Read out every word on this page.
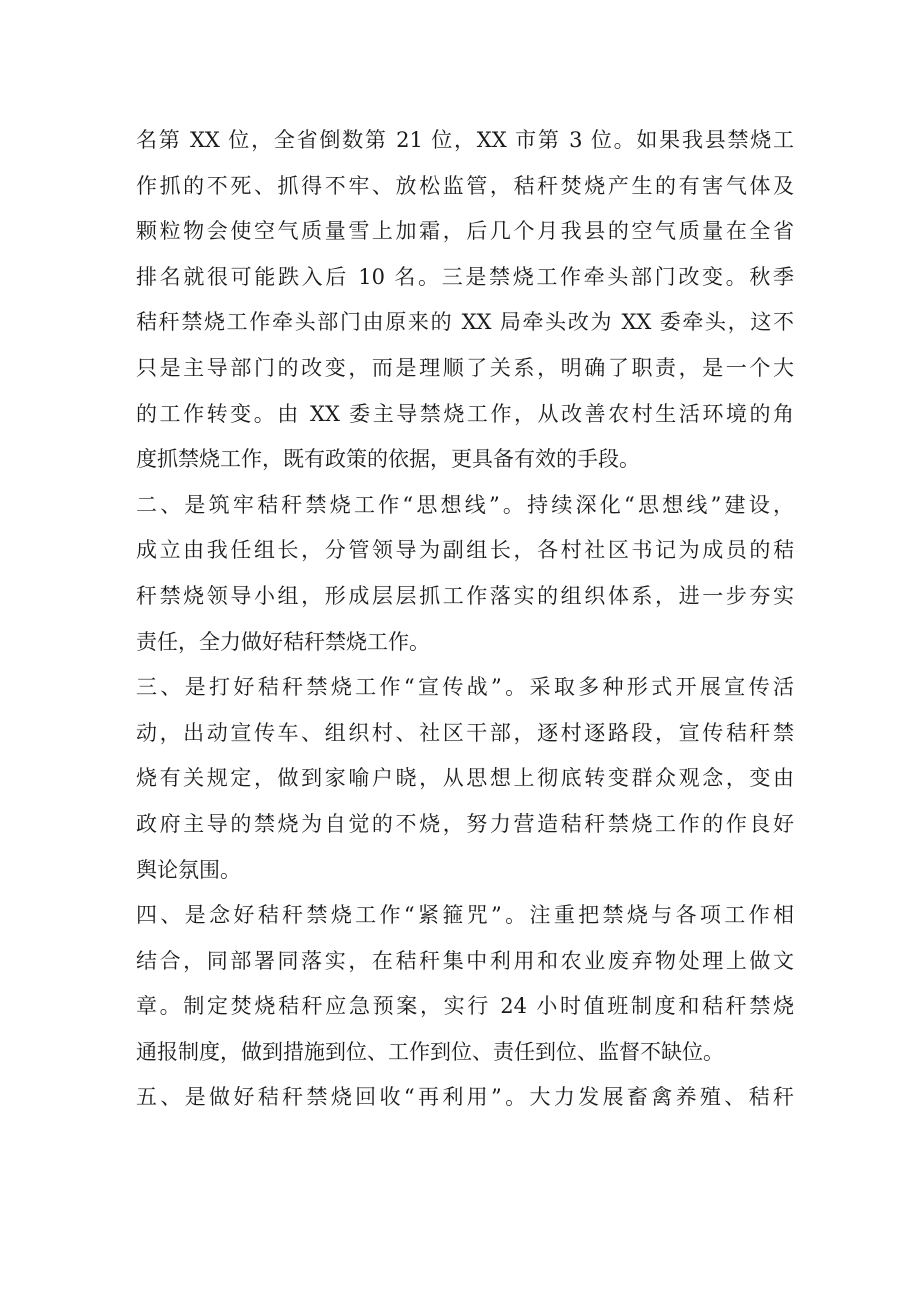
名第 XX 位，全省倒数第 21 位，XX 市第 3 位。如果我县禁烧工
作抓的不死、抓得不牢、放松监管，秸秆焚烧产生的有害气体及
颗粒物会使空气质量雪上加霜，后几个月我县的空气质量在全省
排名就很可能跌入后 10 名。三是禁烧工作牵头部门改变。秋季
秸秆禁烧工作牵头部门由原来的 XX 局牵头改为 XX 委牵头，这不
只是主导部门的改变，而是理顺了关系，明确了职责，是一个大
的工作转变。由 XX 委主导禁烧工作，从改善农村生活环境的角
度抓禁烧工作，既有政策的依据，更具备有效的手段。
二、是筑牢秸秆禁烧工作“思想线”。持续深化“思想线”建设，
成立由我任组长，分管领导为副组长，各村社区书记为成员的秸
秆禁烧领导小组，形成层层抓工作落实的组织体系，进一步夯实
责任，全力做好秸秆禁烧工作。
三、是打好秸秆禁烧工作“宣传战”。采取多种形式开展宣传活
动，出动宣传车、组织村、社区干部，逐村逐路段，宣传秸秆禁
烧有关规定，做到家喻户晓，从思想上彻底转变群众观念，变由
政府主导的禁烧为自觉的不烧，努力营造秸秆禁烧工作的作良好
舆论氛围。
四、是念好秸秆禁烧工作“紧箍咒”。注重把禁烧与各项工作相
结合，同部署同落实，在秸秆集中利用和农业废弃物处理上做文
章。制定焚烧秸秆应急预案，实行 24 小时值班制度和秸秆禁烧
通报制度，做到措施到位、工作到位、责任到位、监督不缺位。
五、是做好秸秆禁烧回收“再利用”。大力发展畜禽养殖、秸秆
